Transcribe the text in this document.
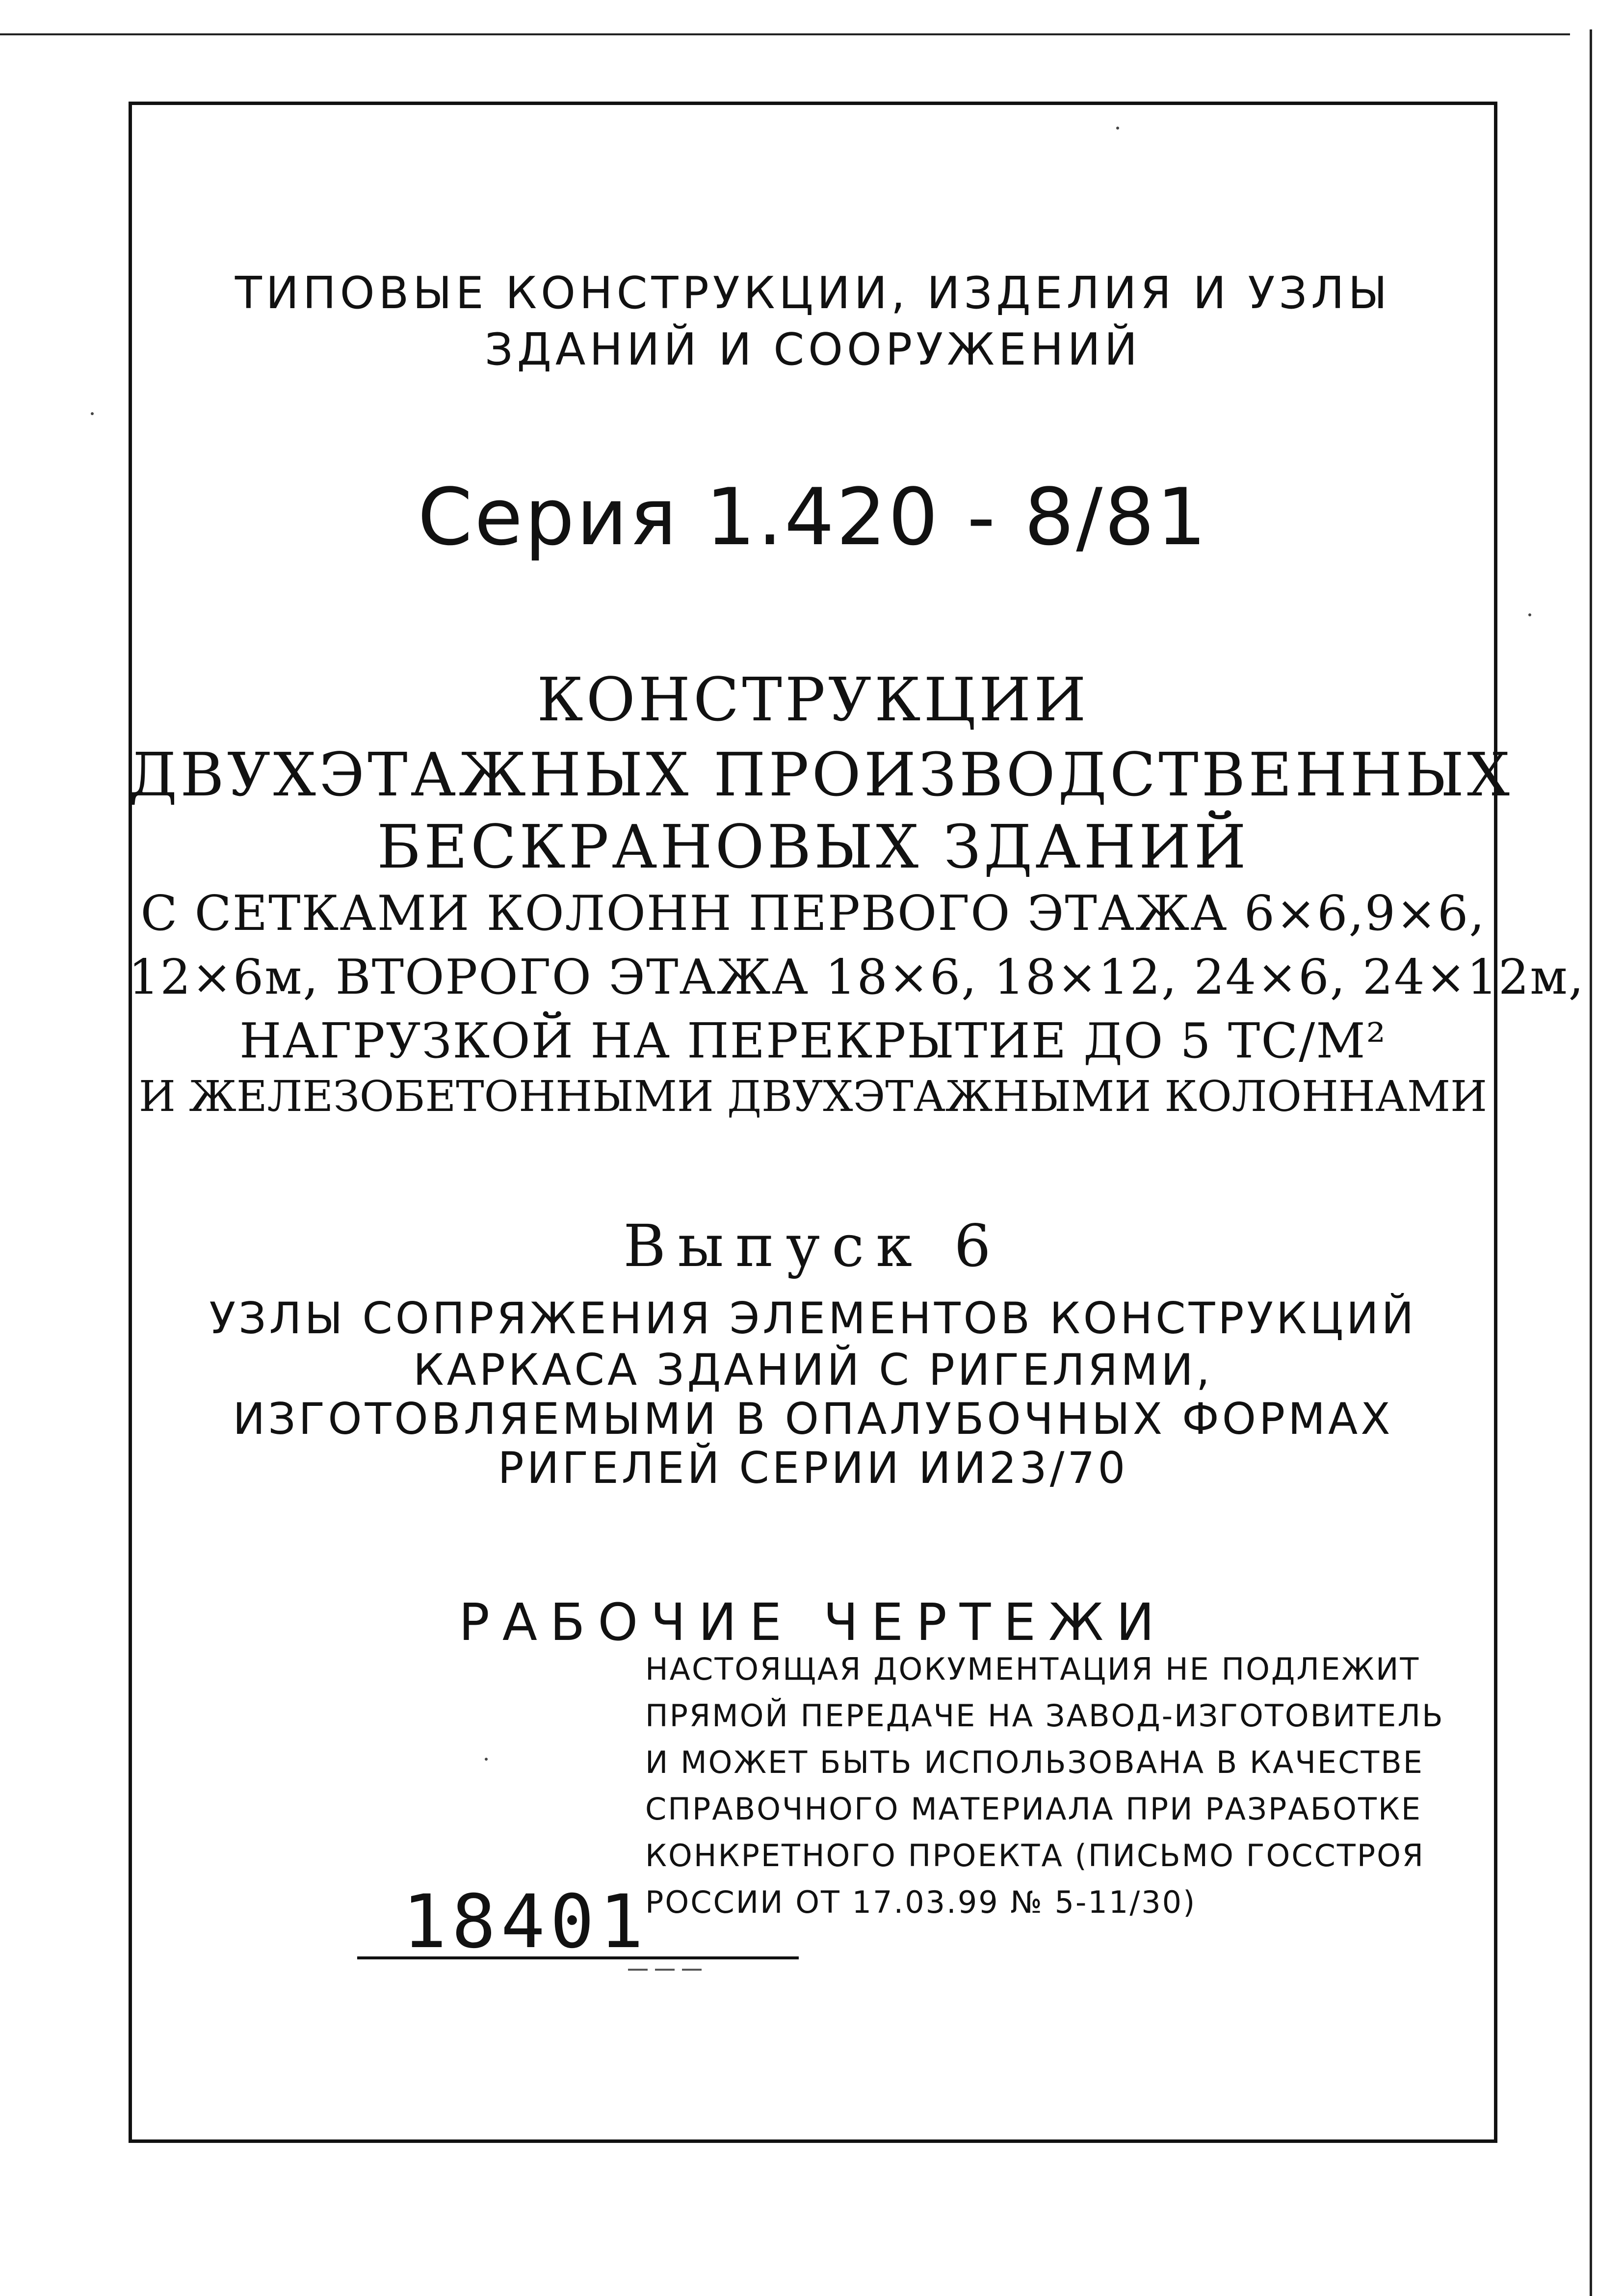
ТИПОВЫЕ КОНСТРУКЦИИ, ИЗДЕЛИЯ И УЗЛЫ
ЗДАНИЙ И СООРУЖЕНИЙ
Серия 1.420 - 8/81
КОНСТРУКЦИИ
ДВУХЭТАЖНЫХ ПРОИЗВОДСТВЕННЫХ
БЕСКРАНОВЫХ ЗДАНИЙ
С СЕТКАМИ КОЛОНН ПЕРВОГО ЭТАЖА 6×6,9×6,
12×6м, ВТОРОГО ЭТАЖА 18×6, 18×12, 24×6, 24×12м,
НАГРУЗКОЙ НА ПЕРЕКРЫТИЕ ДО 5 ТС/М²
И ЖЕЛЕЗОБЕТОННЫМИ ДВУХЭТАЖНЫМИ КОЛОННАМИ
Выпуск 6
УЗЛЫ СОПРЯЖЕНИЯ ЭЛЕМЕНТОВ КОНСТРУКЦИЙ
КАРКАСА ЗДАНИЙ С РИГЕЛЯМИ,
ИЗГОТОВЛЯЕМЫМИ В ОПАЛУБОЧНЫХ ФОРМАХ
РИГЕЛЕЙ СЕРИИ ИИ23/70
РАБОЧИЕ ЧЕРТЕЖИ
НАСТОЯЩАЯ ДОКУМЕНТАЦИЯ НЕ ПОДЛЕЖИТ
ПРЯМОЙ ПЕРЕДАЧЕ НА ЗАВОД-ИЗГОТОВИТЕЛЬ
И МОЖЕТ БЫТЬ ИСПОЛЬЗОВАНА В КАЧЕСТВЕ
СПРАВОЧНОГО МАТЕРИАЛА ПРИ РАЗРАБОТКЕ
КОНКРЕТНОГО ПРОЕКТА (ПИСЬМО ГОССТРОЯ
РОССИИ ОТ 17.03.99 № 5-11/30)
18401
